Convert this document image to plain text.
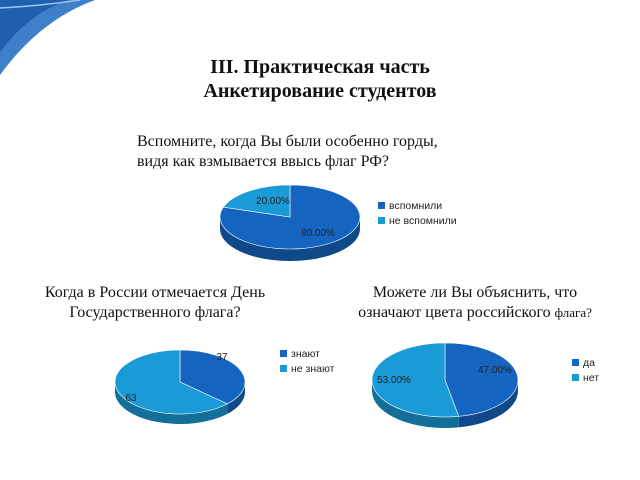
III. Практическая часть
Анкетирование студентов
Вспомните, когда Вы были особенно горды,
видя как взмывается ввысь флаг РФ?
Когда в России отмечается День
Государственного флага?
Можете ли Вы объяснить, что
означают цвета российского флага?
80.00%
20.00%	вспомнили
не вспомнили
37
63
знают
не знают	47.00%
53.00%
да
нет
